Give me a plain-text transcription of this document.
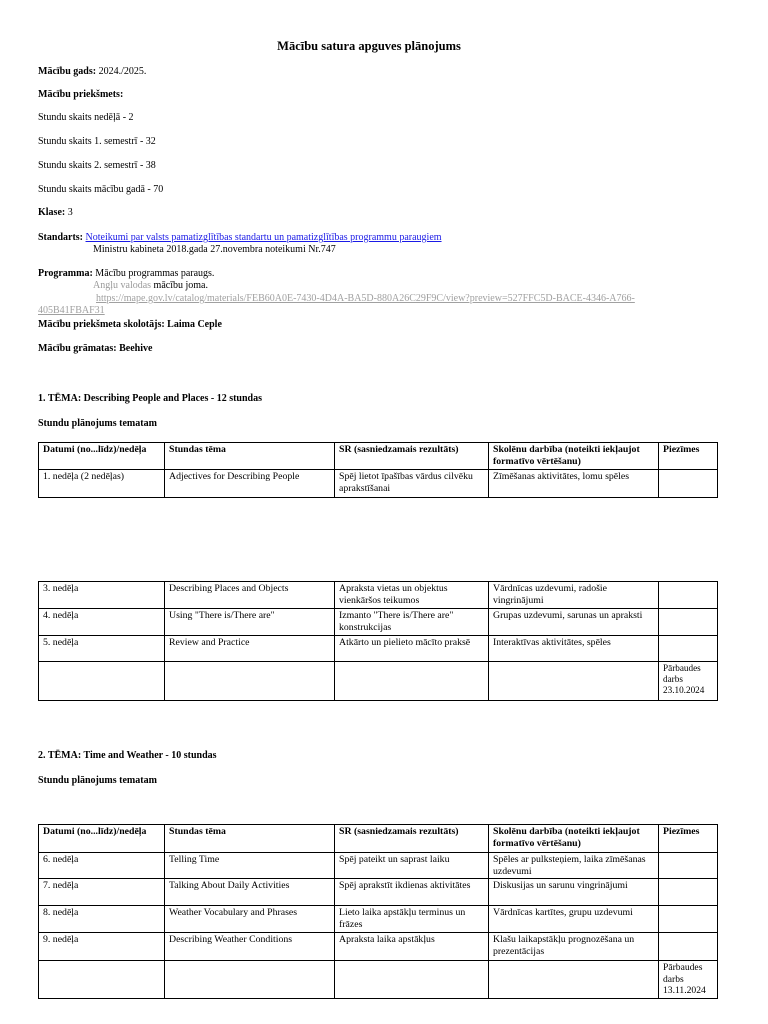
Mācību satura apguves plānojums
Mācību gads: 2024./2025.
Mācību priekšmets:
Stundu skaits nedēļā - 2
Stundu skaits 1. semestrī - 32
Stundu skaits 2. semestrī - 38
Stundu skaits mācību gadā - 70
Klase: 3
Standarts: Noteikumi par valsts pamatizglītības standartu un pamatizglītības programmu paraugiem
Ministru kabineta 2018.gada 27.novembra noteikumi Nr.747
Programma: Mācību programmas paraugs.
Angļu valodas mācību joma.
https://mape.gov.lv/catalog/materials/FEB60A0E-7430-4D4A-BA5D-880A26C29F9C/view?preview=527FFC5D-BACE-4346-A766-
405B41FBAF31
Mācību priekšmeta skolotājs: Laima Ceple
Mācību grāmatas: Beehive
1. TĒMA: Describing People and Places - 12 stundas
Stundu plānojums tematam
Datumi (no...līdz)/nedēļa	Stundas tēma	SR (sasniedzamais rezultāts)	Skolēnu darbība (noteikti iekļaujot formatīvo vērtēšanu)	Piezīmes
1. nedēļa (2 nedēļas)	Adjectives for Describing People	Spēj lietot īpašības vārdus cilvēku aprakstīšanai	Zīmēšanas aktivitātes, lomu spēles	
3. nedēļa	Describing Places and Objects	Apraksta vietas un objektus vienkāršos teikumos	Vārdnīcas uzdevumi, radošie vingrinājumi	
4. nedēļa	Using "There is/There are"	Izmanto "There is/There are" konstrukcijas	Grupas uzdevumi, sarunas un apraksti	
5. nedēļa	Review and Practice	Atkārto un pielieto mācīto praksē	Interaktīvas aktivitātes, spēles	
				Pārbaudes darbs 23.10.2024
2. TĒMA: Time and Weather - 10 stundas
Stundu plānojums tematam
Datumi (no...līdz)/nedēļa	Stundas tēma	SR (sasniedzamais rezultāts)	Skolēnu darbība (noteikti iekļaujot formatīvo vērtēšanu)	Piezīmes
6. nedēļa	Telling Time	Spēj pateikt un saprast laiku	Spēles ar pulksteņiem, laika zīmēšanas uzdevumi	
7. nedēļa	Talking About Daily Activities	Spēj aprakstīt ikdienas aktivitātes	Diskusijas un sarunu vingrinājumi	
8. nedēļa	Weather Vocabulary and Phrases	Lieto laika apstākļu terminus un frāzes	Vārdnīcas kartītes, grupu uzdevumi	
9. nedēļa	Describing Weather Conditions	Apraksta laika apstākļus	Klašu laikapstākļu prognozēšana un prezentācijas	
				Pārbaudes darbs 13.11.2024
